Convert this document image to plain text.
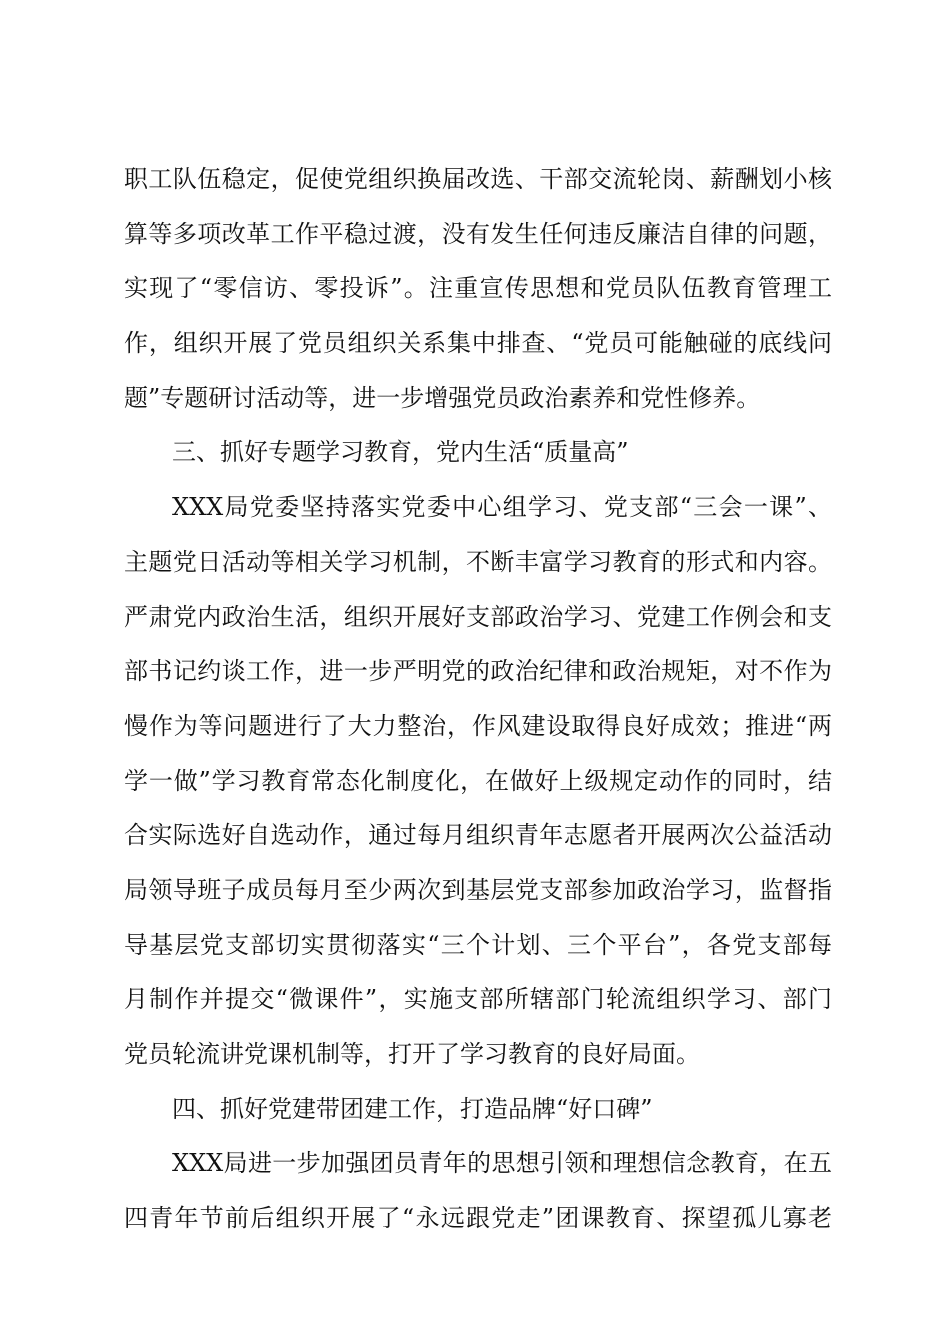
职工队伍稳定，促使党组织换届改选、干部交流轮岗、薪酬划小核
算等多项改革工作平稳过渡，没有发生任何违反廉洁自律的问题，
实现了“零信访、零投诉”。注重宣传思想和党员队伍教育管理工
作，组织开展了党员组织关系集中排查、“党员可能触碰的底线问
题”专题研讨活动等，进一步增强党员政治素养和党性修养。
三、抓好专题学习教育，党内生活“质量高”
XXX局党委坚持落实党委中心组学习、党支部“三会一课”、
主题党日活动等相关学习机制，不断丰富学习教育的形式和内容。
严肃党内政治生活，组织开展好支部政治学习、党建工作例会和支
部书记约谈工作，进一步严明党的政治纪律和政治规矩，对不作为
慢作为等问题进行了大力整治，作风建设取得良好成效；推进“两
学一做”学习教育常态化制度化，在做好上级规定动作的同时，结
合实际选好自选动作，通过每月组织青年志愿者开展两次公益活动
局领导班子成员每月至少两次到基层党支部参加政治学习，监督指
导基层党支部切实贯彻落实“三个计划、三个平台”，各党支部每
月制作并提交“微课件”，实施支部所辖部门轮流组织学习、部门
党员轮流讲党课机制等，打开了学习教育的良好局面。
四、抓好党建带团建工作，打造品牌“好口碑”
XXX局进一步加强团员青年的思想引领和理想信念教育，在五
四青年节前后组织开展了“永远跟党走”团课教育、探望孤儿寡老
